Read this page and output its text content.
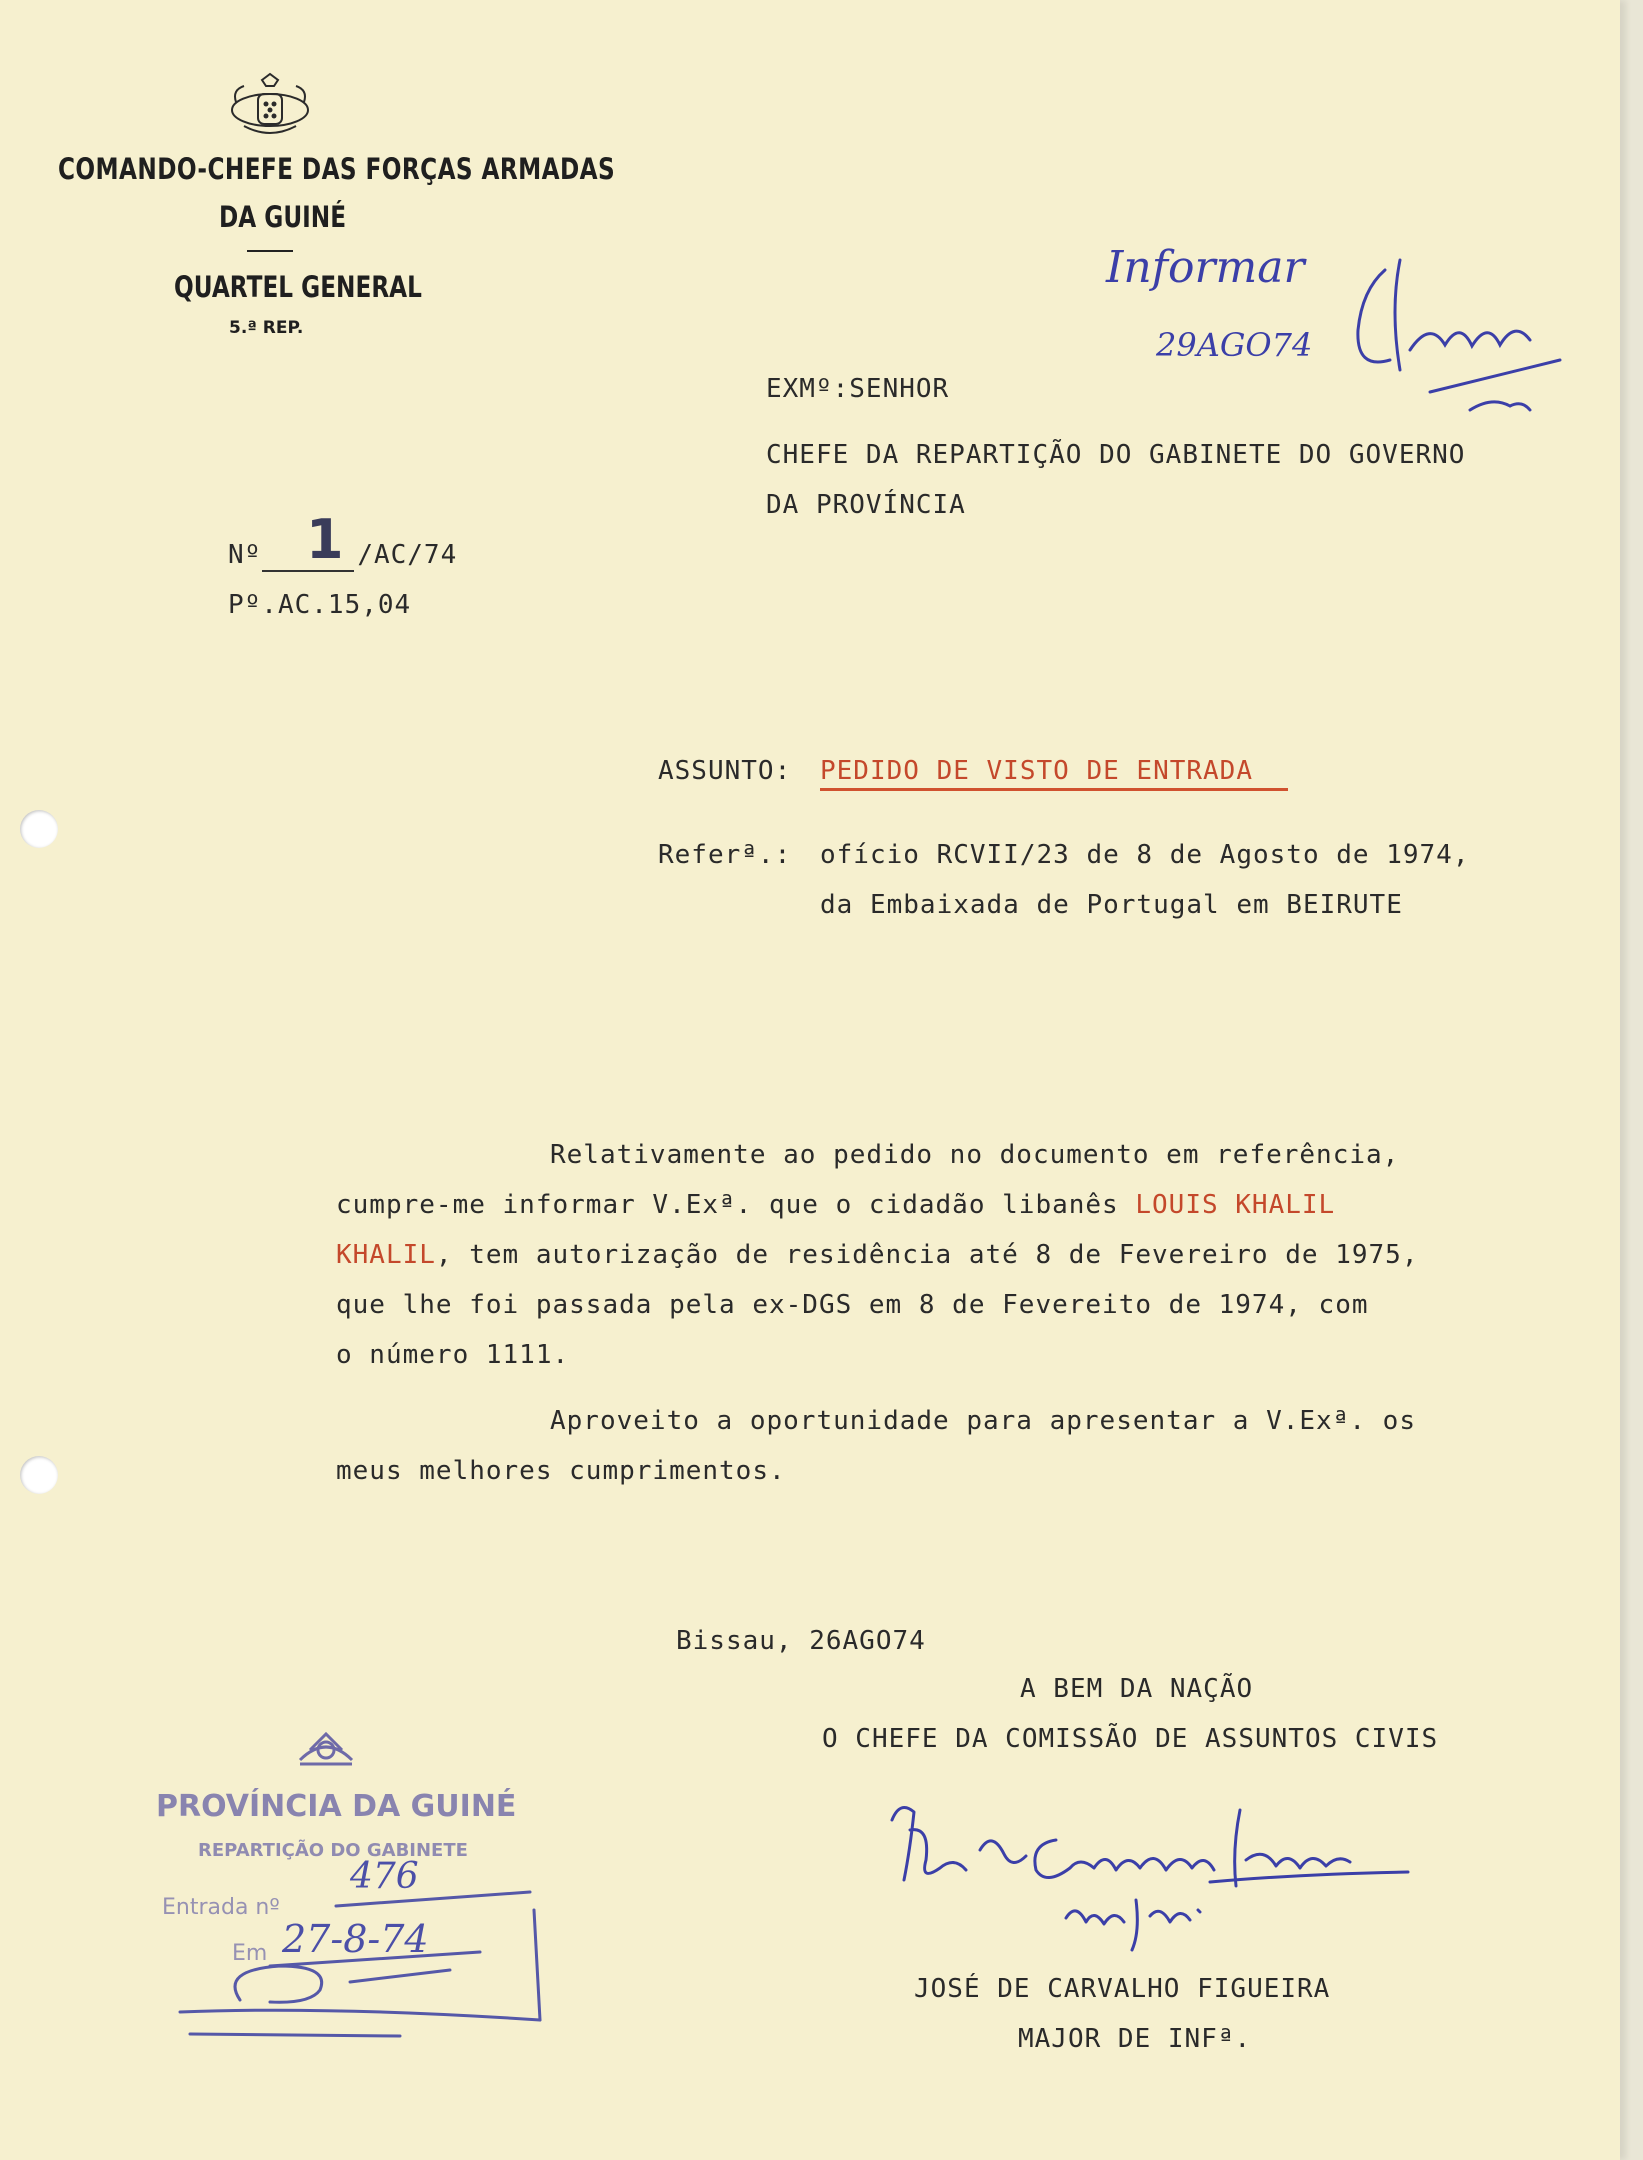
COMANDO-CHEFE DAS FORÇAS ARMADAS
DA GUINÉ
QUARTEL GENERAL
5.ª REP.
EXMº:SENHOR
CHEFE DA REPARTIÇÃO DO GABINETE DO GOVERNO
DA PROVÍNCIA
Nº	/AC/74
1
Pº.AC.15,04
Informar
29AGO74
ASSUNTO: PEDIDO DE VISTO DE ENTRADA
Referª.: ofício RCVII/23 de 8 de Agosto de 1974,
da Embaixada de Portugal em BEIRUTE
Relativamente ao pedido no documento em referência,
cumpre-me informar V.Exª. que o cidadão libanês LOUIS KHALIL
KHALIL, tem autorização de residência até 8 de Fevereiro de 1975,
que lhe foi passada pela ex-DGS em 8 de Fevereito de 1974, com
o número 1111.
Aproveito a oportunidade para apresentar a V.Exª. os
meus melhores cumprimentos.
Bissau, 26AGO74
A BEM DA NAÇÃO
O CHEFE DA COMISSÃO DE ASSUNTOS CIVIS
JOSÉ DE CARVALHO FIGUEIRA
MAJOR DE INFª.
PROVÍNCIA DA GUINÉ
REPARTIÇÃO DO GABINETE
Entrada nº
476
Em 27-8-74
